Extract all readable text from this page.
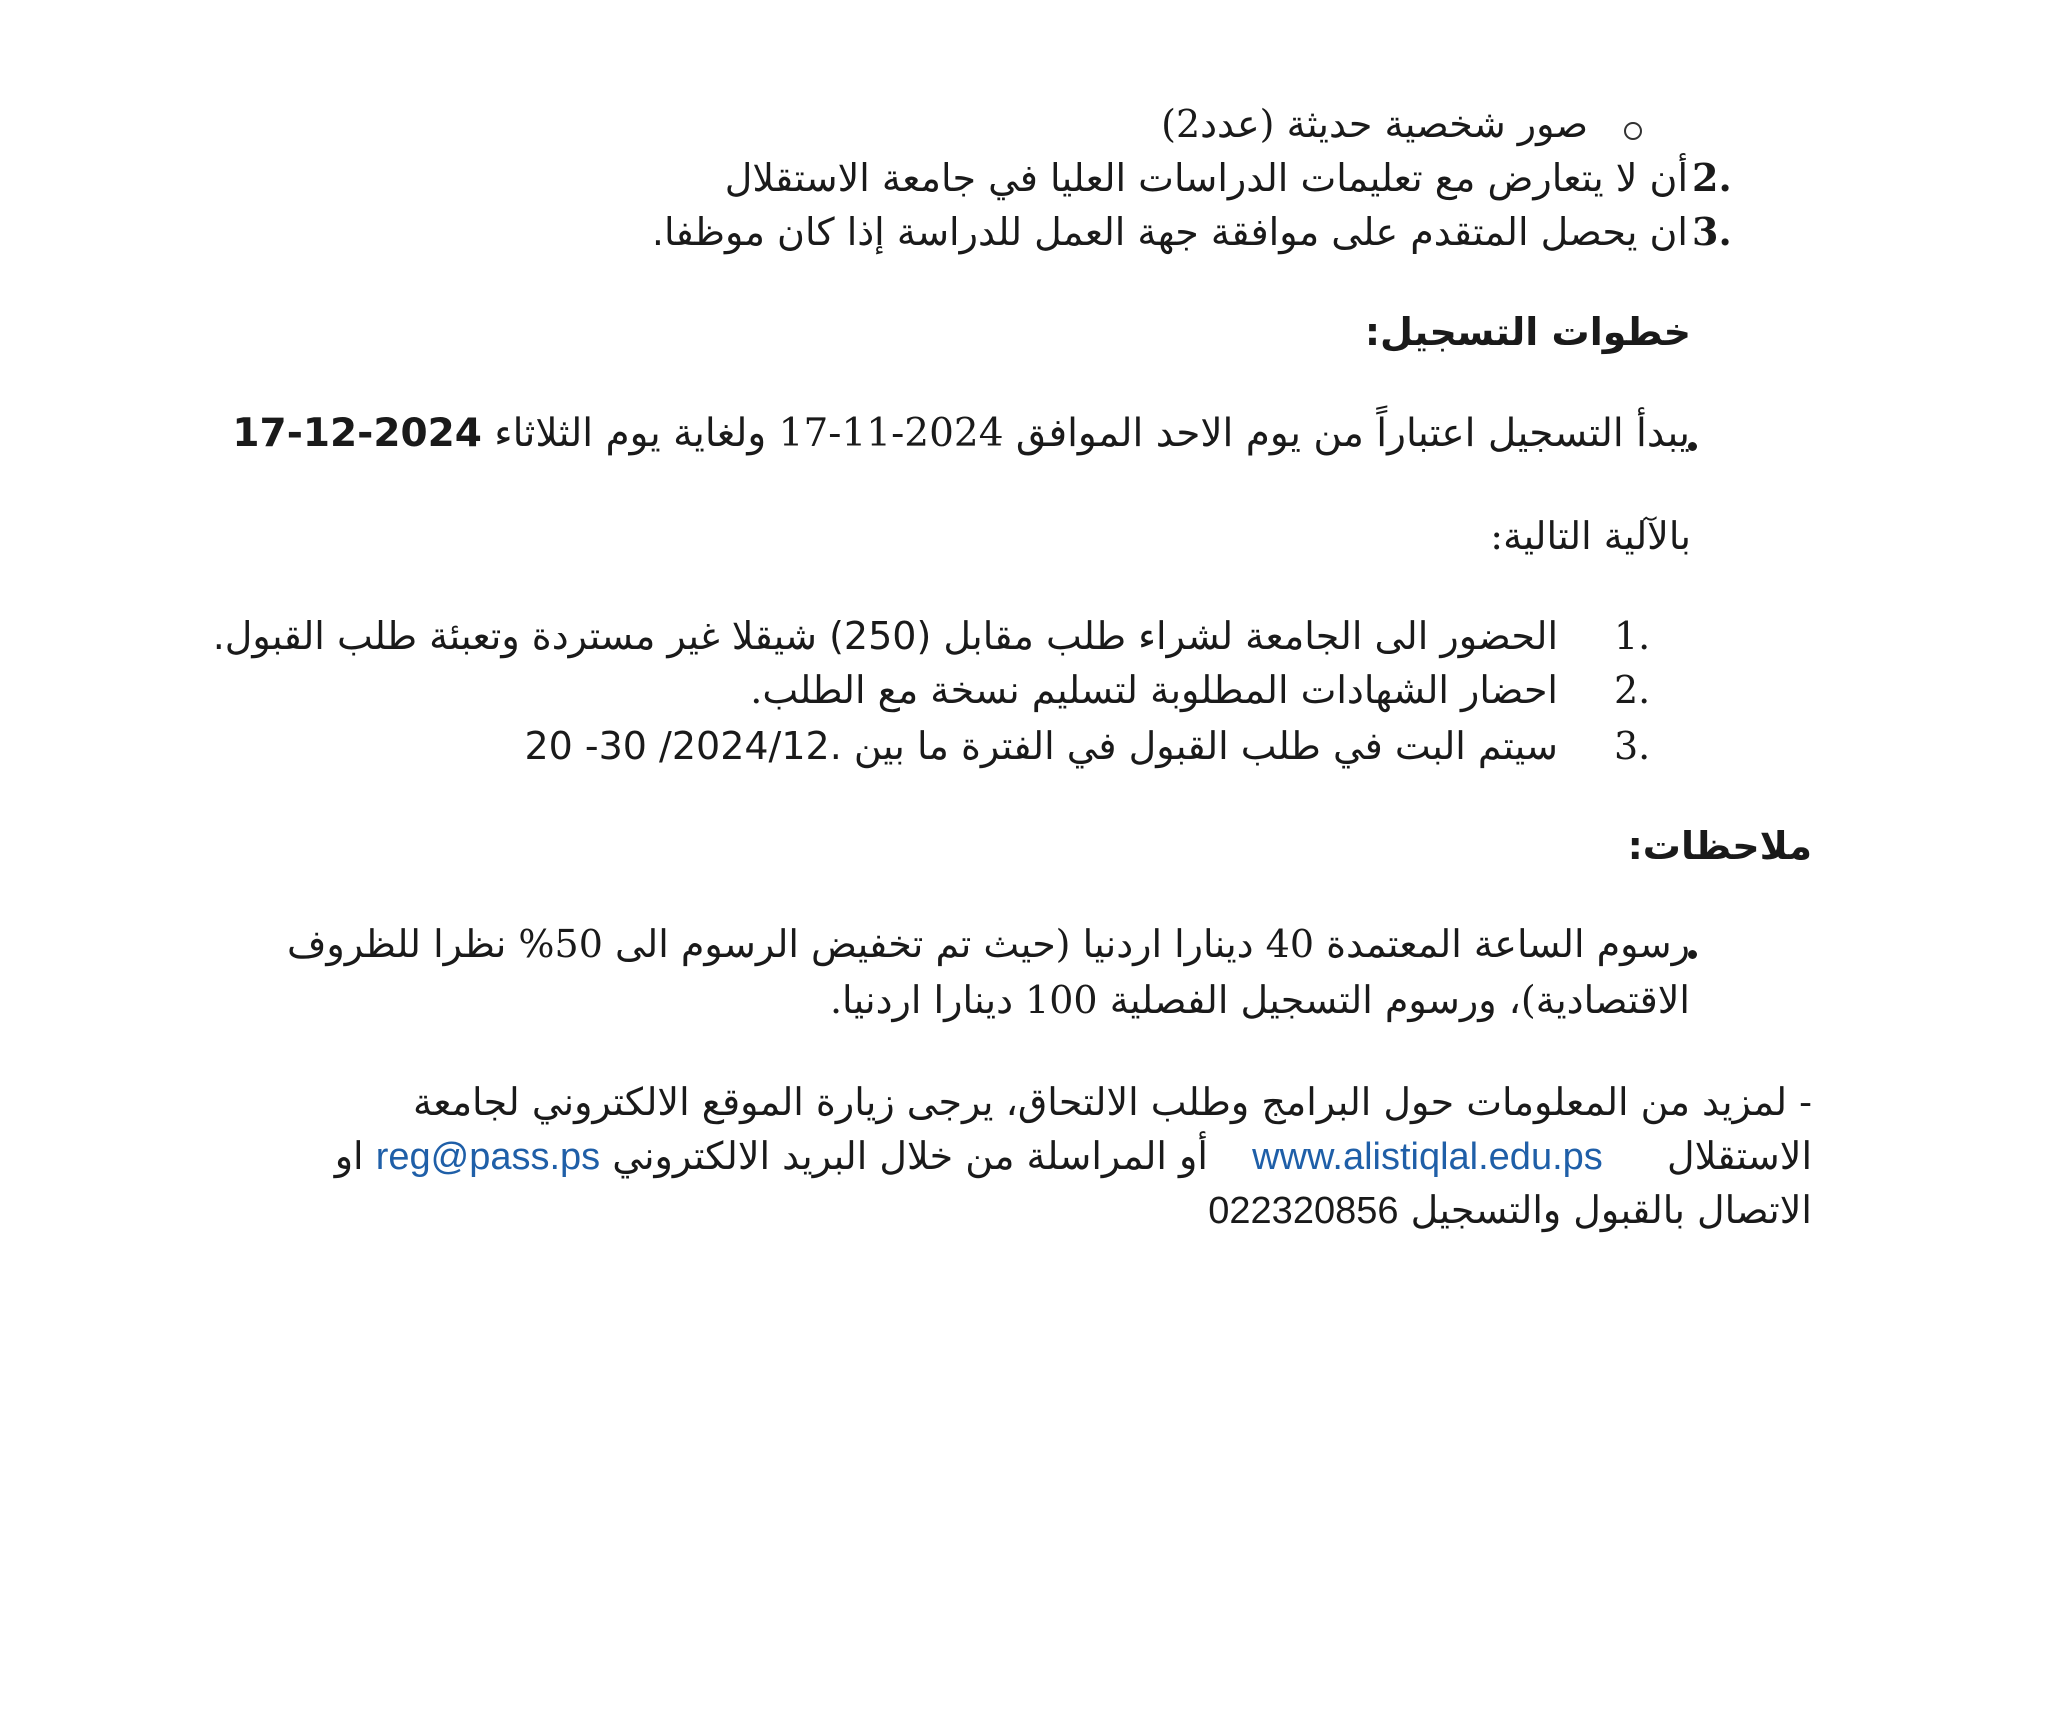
صور شخصية حديثة (عدد2)
2.
أن لا يتعارض مع تعليمات الدراسات العليا في جامعة الاستقلال
3.
ان يحصل المتقدم على موافقة جهة العمل للدراسة إذا كان موظفا.
خطوات التسجيل:
يبدأ التسجيل اعتباراً من يوم الاحد الموافق 17-11-2024 ولغاية يوم الثلاثاء 17-12-2024
بالآلية التالية:
1.
الحضور الى الجامعة لشراء طلب مقابل (250) شيقلا غير مستردة وتعبئة طلب القبول.
2.
احضار الشهادات المطلوبة لتسليم نسخة مع الطلب.
3.
سيتم البت في طلب القبول في الفترة ما بين 20 -30 /2024/12.
ملاحظات:
رسوم الساعة المعتمدة 40 دينارا اردنيا (حيث تم تخفيض الرسوم الى 50% نظرا للظروف
الاقتصادية)، ورسوم التسجيل الفصلية 100 دينارا اردنيا.
- لمزيد من المعلومات حول البرامج وطلب الالتحاق، يرجى زيارة الموقع الالكتروني لجامعة
الاستقلال  www.alistiqlal.edu.ps  أو المراسلة من خلال البريد الالكتروني reg@pass.ps او
الاتصال بالقبول والتسجيل 022320856
